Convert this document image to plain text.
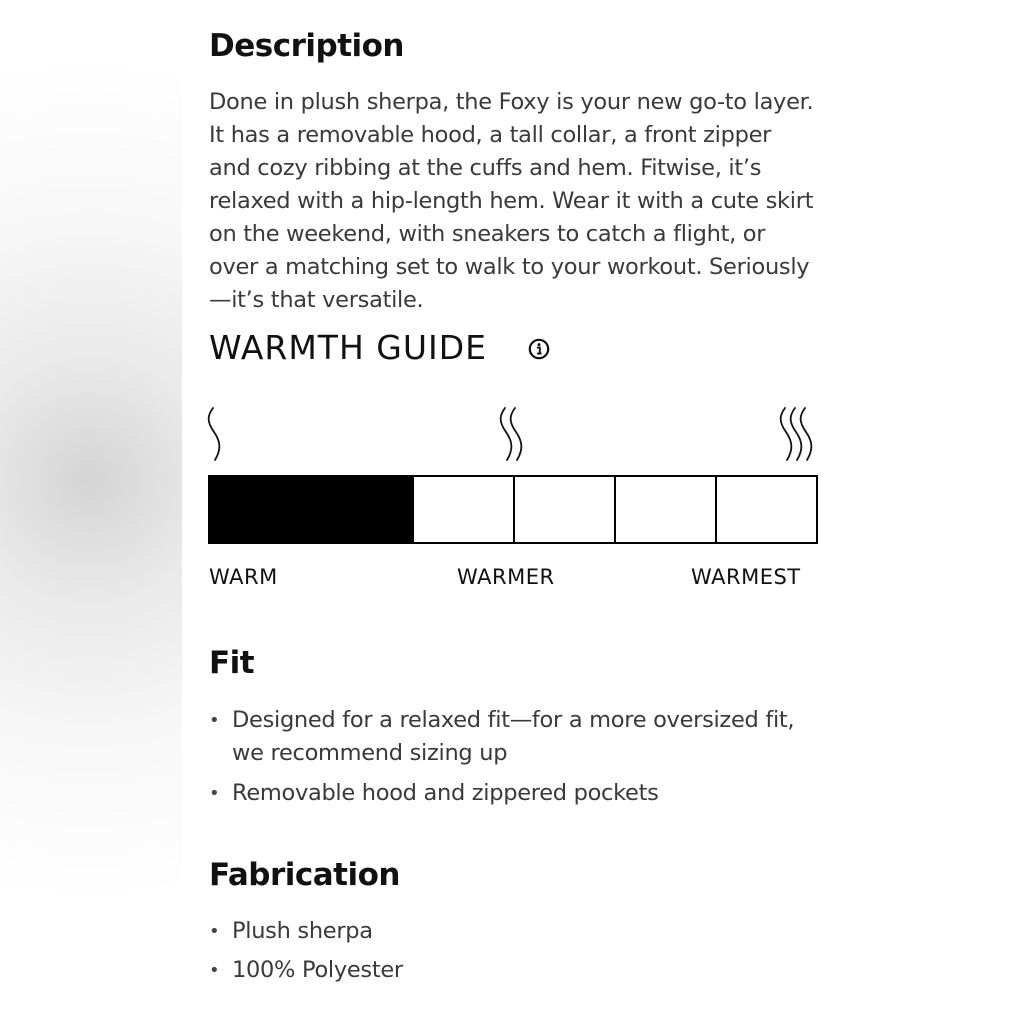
Description

Done in plush sherpa, the Foxy is your new go-to layer. It has a removable hood, a tall collar, a front zipper and cozy ribbing at the cuffs and hem. Fitwise, it’s relaxed with a hip-length hem. Wear it with a cute skirt on the weekend, with sneakers to catch a flight, or over a matching set to walk to your workout. Seriously—it’s that versatile.

WARMTH GUIDE

WARM	WARMER	WARMEST

Fit
• Designed for a relaxed fit—for a more oversized fit, we recommend sizing up
• Removable hood and zippered pockets
Fabrication
• Plush sherpa
• 100% Polyester
